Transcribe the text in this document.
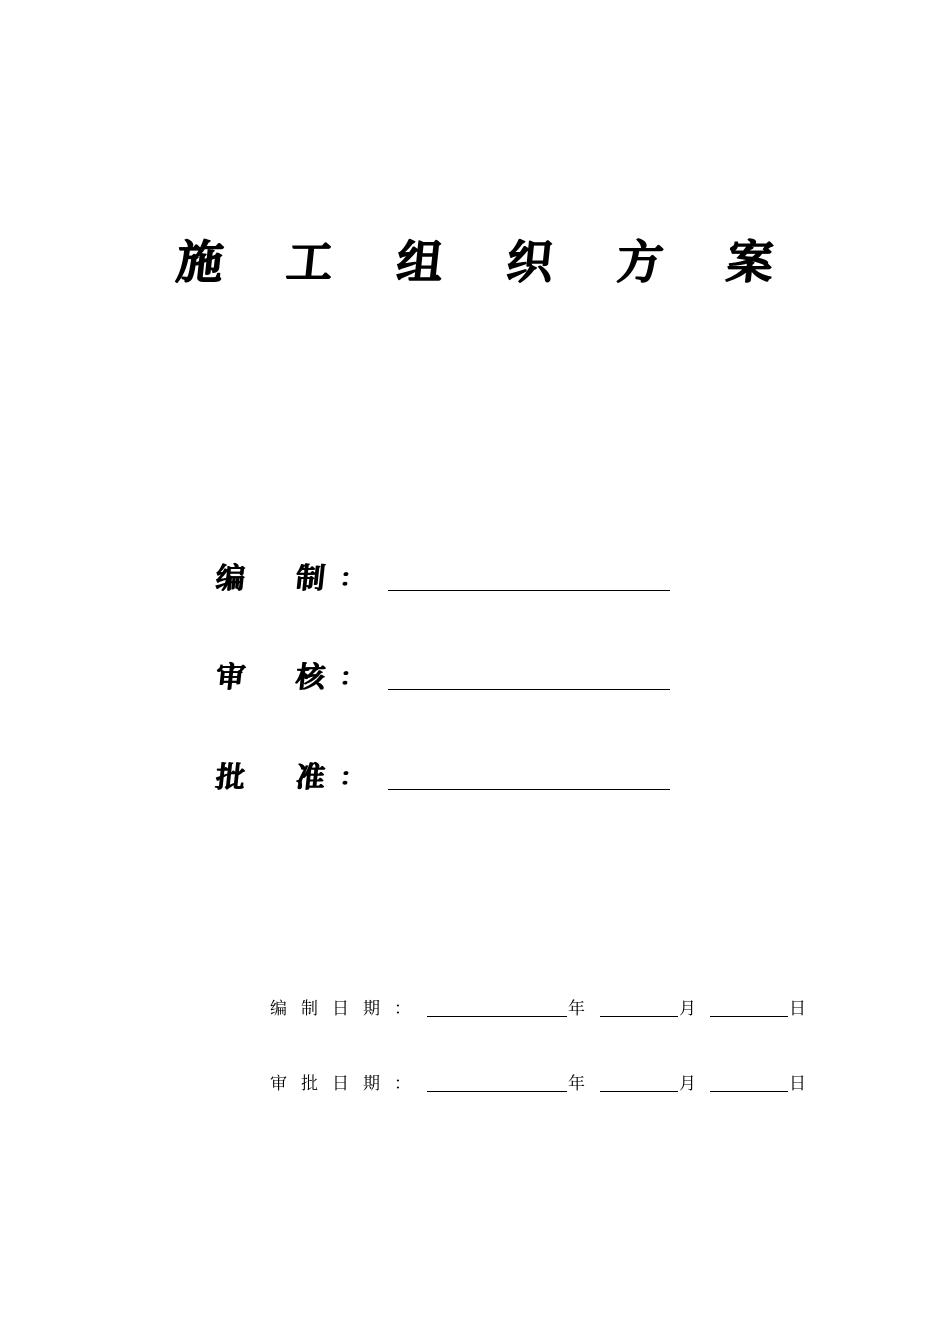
施 工 组 织 方 案
编 制 ：
审 核 ：
批 准 ：
编制日期：	年	月	日
审批日期：	年	月	日
